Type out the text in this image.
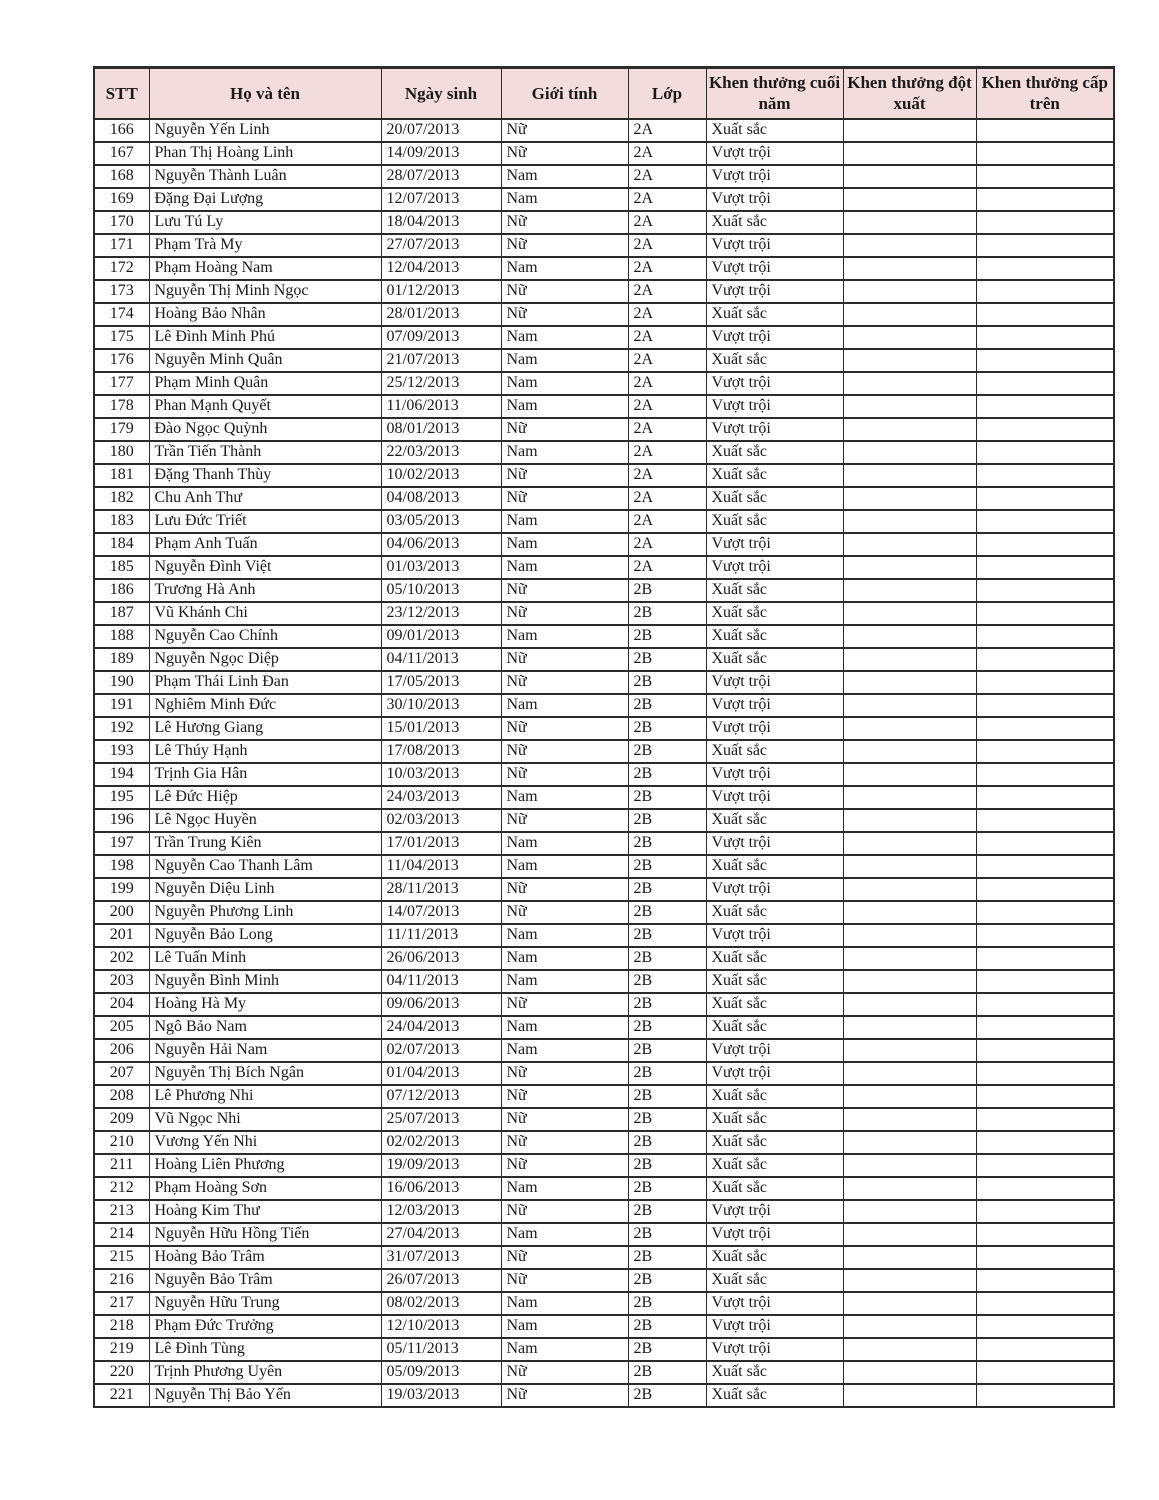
STT	Họ và tên	Ngày sinh	Giới tính	Lớp	Khen thưởng cuối năm	Khen thưởng đột xuất	Khen thưởng cấp trên
166	Nguyễn Yến Linh	20/07/2013	Nữ	2A	Xuất sắc		
167	Phan Thị Hoàng Linh	14/09/2013	Nữ	2A	Vượt trội		
168	Nguyễn Thành Luân	28/07/2013	Nam	2A	Vượt trội		
169	Đặng Đại Lượng	12/07/2013	Nam	2A	Vượt trội		
170	Lưu Tú Ly	18/04/2013	Nữ	2A	Xuất sắc		
171	Phạm Trà My	27/07/2013	Nữ	2A	Vượt trội		
172	Phạm Hoàng Nam	12/04/2013	Nam	2A	Vượt trội		
173	Nguyễn Thị Minh Ngọc	01/12/2013	Nữ	2A	Vượt trội		
174	Hoàng Bảo Nhân	28/01/2013	Nữ	2A	Xuất sắc		
175	Lê Đình Minh Phú	07/09/2013	Nam	2A	Vượt trội		
176	Nguyễn Minh Quân	21/07/2013	Nam	2A	Xuất sắc		
177	Phạm Minh Quân	25/12/2013	Nam	2A	Vượt trội		
178	Phan Mạnh Quyết	11/06/2013	Nam	2A	Vượt trội		
179	Đào Ngọc Quỳnh	08/01/2013	Nữ	2A	Vượt trội		
180	Trần Tiến Thành	22/03/2013	Nam	2A	Xuất sắc		
181	Đặng Thanh Thùy	10/02/2013	Nữ	2A	Xuất sắc		
182	Chu Anh Thư	04/08/2013	Nữ	2A	Xuất sắc		
183	Lưu Đức Triết	03/05/2013	Nam	2A	Xuất sắc		
184	Phạm Anh Tuấn	04/06/2013	Nam	2A	Vượt trội		
185	Nguyễn Đình Việt	01/03/2013	Nam	2A	Vượt trội		
186	Trương Hà Anh	05/10/2013	Nữ	2B	Xuất sắc		
187	Vũ Khánh Chi	23/12/2013	Nữ	2B	Xuất sắc		
188	Nguyễn Cao Chính	09/01/2013	Nam	2B	Xuất sắc		
189	Nguyễn Ngọc Diệp	04/11/2013	Nữ	2B	Xuất sắc		
190	Phạm Thái Linh Đan	17/05/2013	Nữ	2B	Vượt trội		
191	Nghiêm Minh Đức	30/10/2013	Nam	2B	Vượt trội		
192	Lê Hương Giang	15/01/2013	Nữ	2B	Vượt trội		
193	Lê Thúy Hạnh	17/08/2013	Nữ	2B	Xuất sắc		
194	Trịnh Gia Hân	10/03/2013	Nữ	2B	Vượt trội		
195	Lê Đức Hiệp	24/03/2013	Nam	2B	Vượt trội		
196	Lê Ngọc Huyền	02/03/2013	Nữ	2B	Xuất sắc		
197	Trần Trung Kiên	17/01/2013	Nam	2B	Vượt trội		
198	Nguyễn Cao Thanh Lâm	11/04/2013	Nam	2B	Xuất sắc		
199	Nguyễn Diệu Linh	28/11/2013	Nữ	2B	Vượt trội		
200	Nguyễn Phương Linh	14/07/2013	Nữ	2B	Xuất sắc		
201	Nguyễn Bảo Long	11/11/2013	Nam	2B	Vượt trội		
202	Lê Tuấn Minh	26/06/2013	Nam	2B	Xuất sắc		
203	Nguyễn Bình Minh	04/11/2013	Nam	2B	Xuất sắc		
204	Hoàng Hà My	09/06/2013	Nữ	2B	Xuất sắc		
205	Ngô Bảo Nam	24/04/2013	Nam	2B	Xuất sắc		
206	Nguyễn Hải Nam	02/07/2013	Nam	2B	Vượt trội		
207	Nguyễn Thị Bích Ngân	01/04/2013	Nữ	2B	Vượt trội		
208	Lê Phương Nhi	07/12/2013	Nữ	2B	Xuất sắc		
209	Vũ Ngọc Nhi	25/07/2013	Nữ	2B	Xuất sắc		
210	Vương Yến Nhi	02/02/2013	Nữ	2B	Xuất sắc		
211	Hoàng Liên Phương	19/09/2013	Nữ	2B	Xuất sắc		
212	Phạm Hoàng Sơn	16/06/2013	Nam	2B	Xuất sắc		
213	Hoàng Kim Thư	12/03/2013	Nữ	2B	Vượt trội		
214	Nguyễn Hữu Hồng Tiến	27/04/2013	Nam	2B	Vượt trội		
215	Hoàng Bảo Trâm	31/07/2013	Nữ	2B	Xuất sắc		
216	Nguyễn Bảo Trâm	26/07/2013	Nữ	2B	Xuất sắc		
217	Nguyễn Hữu Trung	08/02/2013	Nam	2B	Vượt trội		
218	Phạm Đức Trưởng	12/10/2013	Nam	2B	Vượt trội		
219	Lê Đình Tùng	05/11/2013	Nam	2B	Vượt trội		
220	Trịnh Phương Uyên	05/09/2013	Nữ	2B	Xuất sắc		
221	Nguyễn Thị Bảo Yến	19/03/2013	Nữ	2B	Xuất sắc		
